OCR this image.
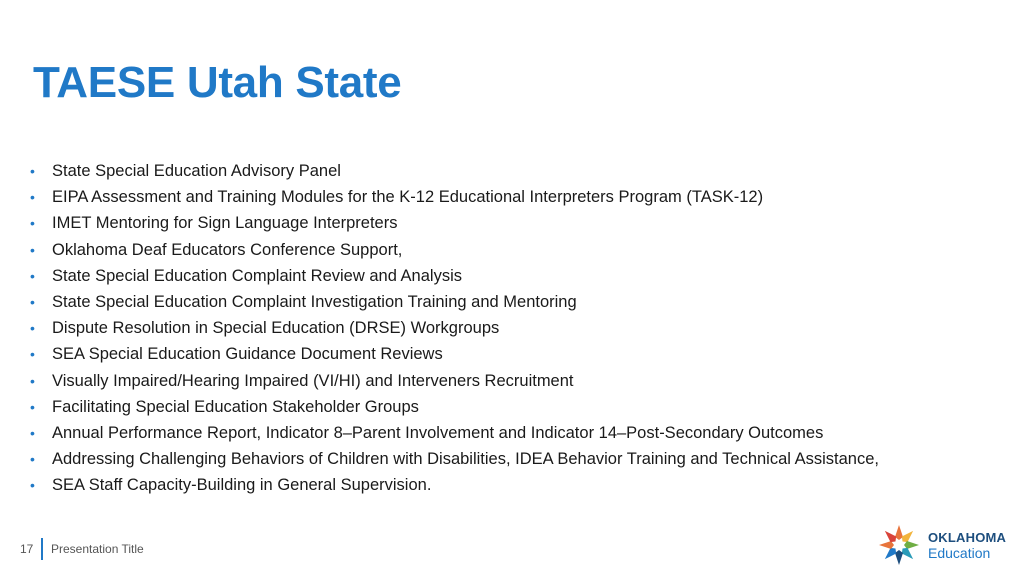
TAESE Utah State
• State Special Education Advisory Panel
• EIPA Assessment and Training Modules for the K-12 Educational Interpreters Program (TASK-12)
• IMET Mentoring for Sign Language Interpreters
• Oklahoma Deaf Educators Conference Support,
• State Special Education Complaint Review and Analysis
• State Special Education Complaint Investigation Training and Mentoring
• Dispute Resolution in Special Education (DRSE) Workgroups
• SEA Special Education Guidance Document Reviews
• Visually Impaired/Hearing Impaired (VI/HI) and Interveners Recruitment
• Facilitating Special Education Stakeholder Groups
• Annual Performance Report, Indicator 8–Parent Involvement and Indicator 14–Post-Secondary Outcomes
• Addressing Challenging Behaviors of Children with Disabilities, IDEA Behavior Training and Technical Assistance,
• SEA Staff Capacity-Building in General Supervision.
17 Presentation Title
OKLAHOMA
Education
